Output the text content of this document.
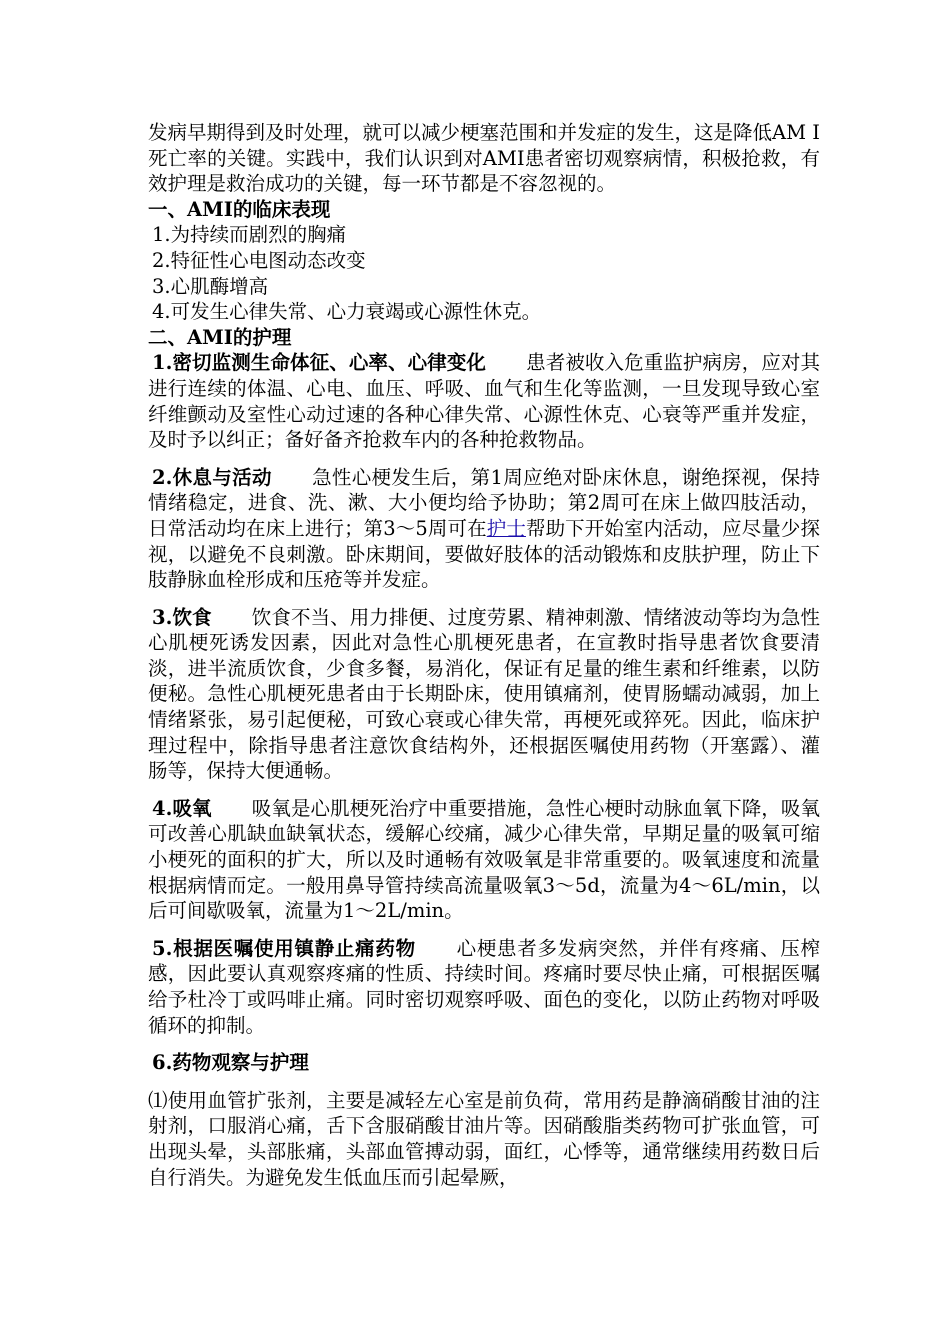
发病早期得到及时处理，就可以减少梗塞范围和并发症的发生，这是降低AM I 死亡率的关键。实践中，我们认识到对AMI患者密切观察病情，积极抢救，有效护理是救治成功的关键，每一环节都是不容忽视的。

一、AMI的临床表现

1.为持续而剧烈的胸痛

2.特征性心电图动态改变

3.心肌酶增高

4.可发生心律失常、心力衰竭或心源性休克。

二、AMI的护理

1.密切监测生命体征、心率、心律变化 患者被收入危重监护病房，应对其进行连续的体温、心电、血压、呼吸、血气和生化等监测，一旦发现导致心室纤维颤动及室性心动过速的各种心律失常、心源性休克、心衰等严重并发症，及时予以纠正；备好备齐抢救车内的各种抢救物品。

2.休息与活动 急性心梗发生后，第1周应绝对卧床休息，谢绝探视，保持情绪稳定，进食、洗、漱、大小便均给予协助；第2周可在床上做四肢活动，日常活动均在床上进行；第3～5周可在护士帮助下开始室内活动，应尽量少探视，以避免不良刺激。卧床期间，要做好肢体的活动锻炼和皮肤护理，防止下肢静脉血栓形成和压疮等并发症。

3.饮食 饮食不当、用力排便、过度劳累、精神刺激、情绪波动等均为急性心肌梗死诱发因素，因此对急性心肌梗死患者，在宣教时指导患者饮食要清淡，进半流质饮食，少食多餐，易消化，保证有足量的维生素和纤维素，以防便秘。急性心肌梗死患者由于长期卧床，使用镇痛剂，使胃肠蠕动减弱，加上情绪紧张，易引起便秘，可致心衰或心律失常，再梗死或猝死。因此，临床护理过程中，除指导患者注意饮食结构外，还根据医嘱使用药物（开塞露）、灌肠等，保持大便通畅。

4.吸氧 吸氧是心肌梗死治疗中重要措施，急性心梗时动脉血氧下降，吸氧可改善心肌缺血缺氧状态，缓解心绞痛，减少心律失常，早期足量的吸氧可缩小梗死的面积的扩大，所以及时通畅有效吸氧是非常重要的。吸氧速度和流量根据病情而定。一般用鼻导管持续高流量吸氧3～5d，流量为4～6L/min，以后可间歇吸氧，流量为1～2L/min。

5.根据医嘱使用镇静止痛药物 心梗患者多发病突然，并伴有疼痛、压榨感，因此要认真观察疼痛的性质、持续时间。疼痛时要尽快止痛，可根据医嘱给予杜冷丁或吗啡止痛。同时密切观察呼吸、面色的变化，以防止药物对呼吸循环的抑制。

6.药物观察与护理

⑴使用血管扩张剂，主要是减轻左心室是前负荷，常用药是静滴硝酸甘油的注射剂，口服消心痛，舌下含服硝酸甘油片等。因硝酸脂类药物可扩张血管，可出现头晕，头部胀痛，头部血管搏动弱，面红，心悸等，通常继续用药数日后自行消失。为避免发生低血压而引起晕厥，
